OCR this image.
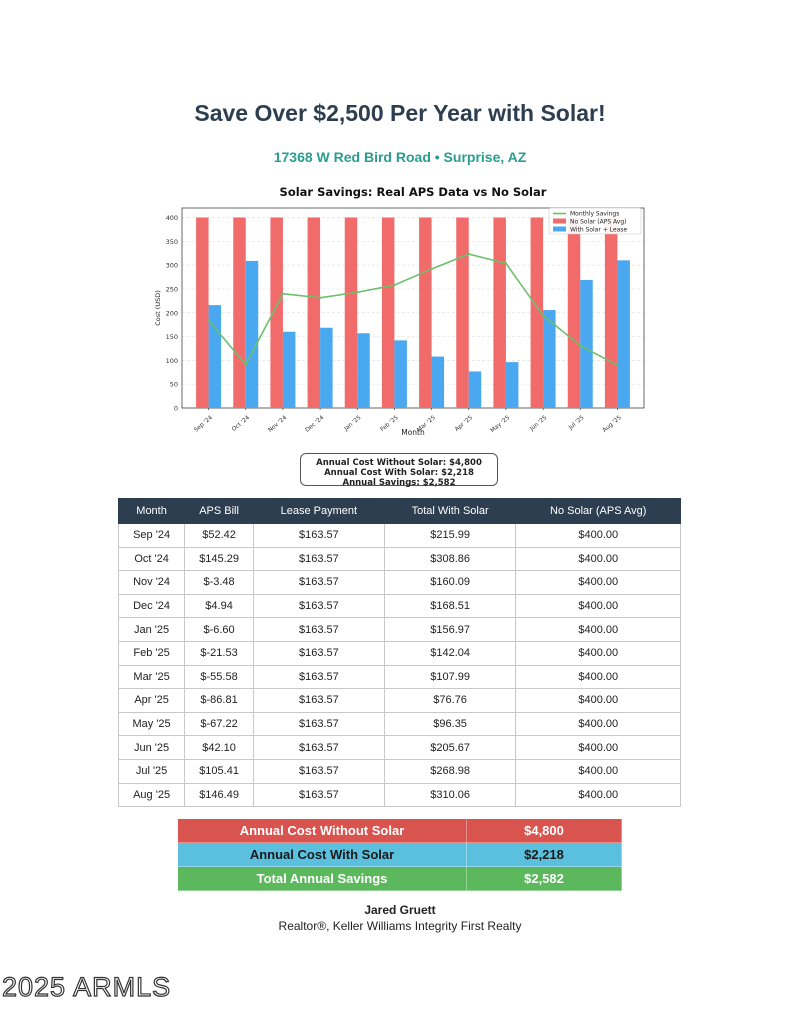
Save Over $2,500 Per Year with Solar!
17368 W Red Bird Road • Surprise, AZ
Solar Savings: Real APS Data vs No Solar
0
50
100
150
200
250
300
350
400
Sep '24	Oct '24	Nov '24	Dec '24	Jan '25	Feb '25	Mar '25	Apr '25	May '25	Jun '25	Jul '25	Aug '25
Month
Cost (USD)
Monthly Savings
No Solar (APS Avg)
With Solar + Lease
Annual Cost Without Solar: $4,800
Annual Cost With Solar: $2,218
Annual Savings: $2,582
Month	APS Bill	Lease Payment	Total With Solar	No Solar (APS Avg)
Sep '24	$52.42	$163.57	$215.99	$400.00
Oct '24	$145.29	$163.57	$308.86	$400.00
Nov '24	$-3.48	$163.57	$160.09	$400.00
Dec '24	$4.94	$163.57	$168.51	$400.00
Jan '25	$-6.60	$163.57	$156.97	$400.00
Feb '25	$-21.53	$163.57	$142.04	$400.00
Mar '25	$-55.58	$163.57	$107.99	$400.00
Apr '25	$-86.81	$163.57	$76.76	$400.00
May '25	$-67.22	$163.57	$96.35	$400.00
Jun '25	$42.10	$163.57	$205.67	$400.00
Jul '25	$105.41	$163.57	$268.98	$400.00
Aug '25	$146.49	$163.57	$310.06	$400.00
Annual Cost Without Solar	$4,800
Annual Cost With Solar	$2,218
Total Annual Savings	$2,582
Jared Gruett
Realtor®, Keller Williams Integrity First Realty
2025 ARMLS
